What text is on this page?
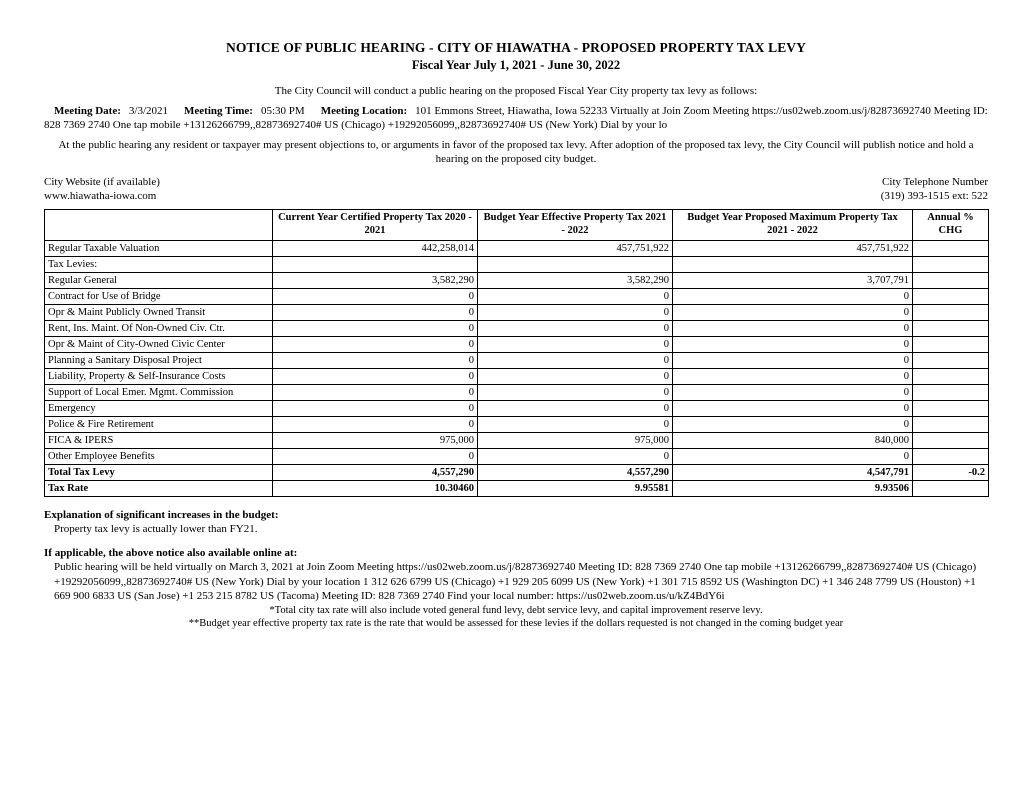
NOTICE OF PUBLIC HEARING - CITY OF HIAWATHA - PROPOSED PROPERTY TAX LEVY
Fiscal Year July 1, 2021 - June 30, 2022
The City Council will conduct a public hearing on the proposed Fiscal Year City property tax levy as follows:
Meeting Date: 3/3/2021 Meeting Time: 05:30 PM Meeting Location: 101 Emmons Street, Hiawatha, Iowa 52233 Virtually at Join Zoom Meeting https://us02web.zoom.us/j/82873692740 Meeting ID: 828 7369 2740 One tap mobile +13126266799,,82873692740# US (Chicago) +19292056099,,82873692740# US (New York) Dial by your lo
At the public hearing any resident or taxpayer may present objections to, or arguments in favor of the proposed tax levy. After adoption of the proposed tax levy, the City Council will publish notice and hold a hearing on the proposed city budget.
City Website (if available)
www.hiawatha-iowa.com
City Telephone Number
(319) 393-1515 ext: 522
	Current Year Certified Property Tax 2020 - 2021	Budget Year Effective Property Tax 2021 - 2022	Budget Year Proposed Maximum Property Tax 2021 - 2022	Annual % CHG
Regular Taxable Valuation	442,258,014	457,751,922	457,751,922	
Tax Levies:				
Regular General	3,582,290	3,582,290	3,707,791	
Contract for Use of Bridge	0	0	0	
Opr & Maint Publicly Owned Transit	0	0	0	
Rent, Ins. Maint. Of Non-Owned Civ. Ctr.	0	0	0	
Opr & Maint of City-Owned Civic Center	0	0	0	
Planning a Sanitary Disposal Project	0	0	0	
Liability, Property & Self-Insurance Costs	0	0	0	
Support of Local Emer. Mgmt. Commission	0	0	0	
Emergency	0	0	0	
Police & Fire Retirement	0	0	0	
FICA & IPERS	975,000	975,000	840,000	
Other Employee Benefits	0	0	0	
Total Tax Levy	4,557,290	4,557,290	4,547,791	-0.2
Tax Rate	10.30460	9.95581	9.93506	

Explanation of significant increases in the budget:

Property tax levy is actually lower than FY21.

If applicable, the above notice also available online at:

Public hearing will be held virtually on March 3, 2021 at Join Zoom Meeting https://us02web.zoom.us/j/82873692740 Meeting ID: 828 7369 2740 One tap mobile +13126266799,,82873692740# US (Chicago) +19292056099,,82873692740# US (New York) Dial by your location 1 312 626 6799 US (Chicago) +1 929 205 6099 US (New York) +1 301 715 8592 US (Washington DC) +1 346 248 7799 US (Houston) +1 669 900 6833 US (San Jose) +1 253 215 8782 US (Tacoma) Meeting ID: 828 7369 2740 Find your local number: https://us02web.zoom.us/u/kZ4BdY6i

*Total city tax rate will also include voted general fund levy, debt service levy, and capital improvement reserve levy.

**Budget year effective property tax rate is the rate that would be assessed for these levies if the dollars requested is not changed in the coming budget year
